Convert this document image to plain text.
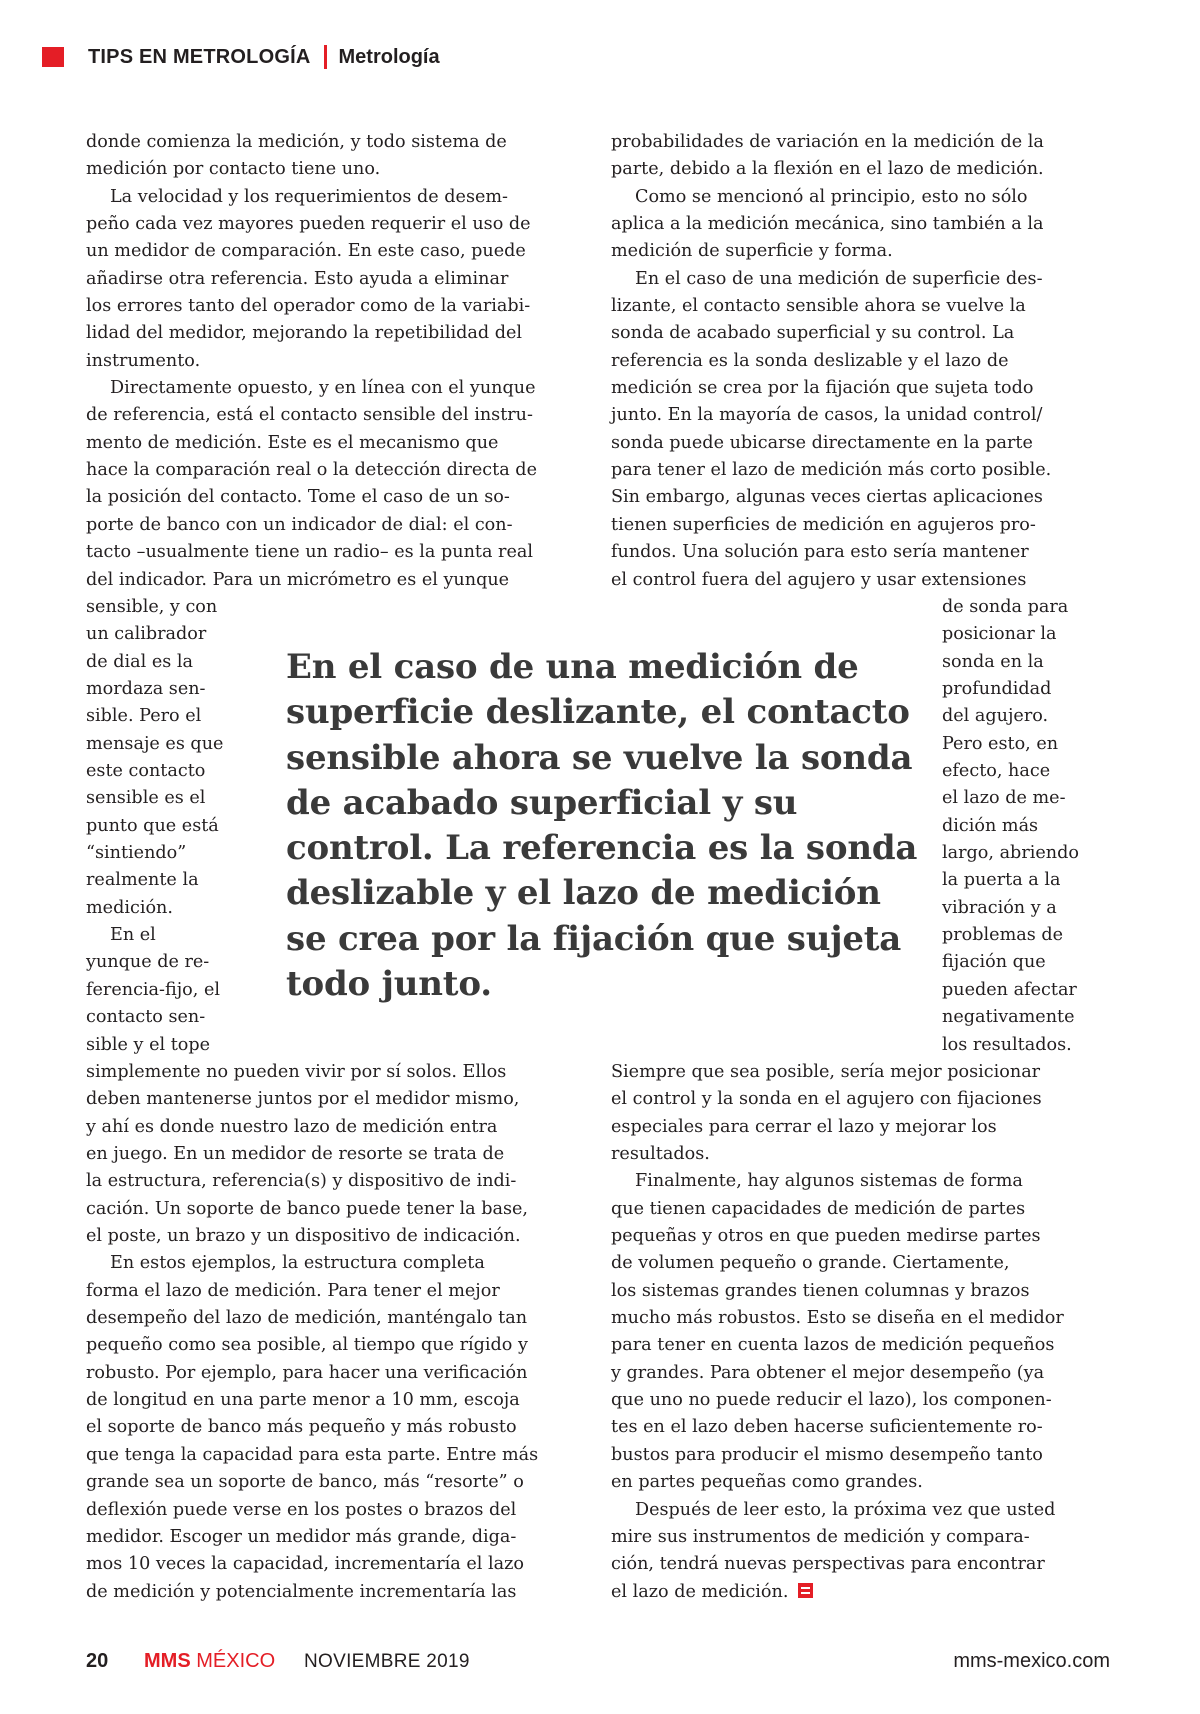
TIPS EN METROLOGÍA Metrología

donde comienza la medición, y todo sistema de

medición por contacto tiene uno.

La velocidad y los requerimientos de desem-

peño cada vez mayores pueden requerir el uso de

un medidor de comparación. En este caso, puede

añadirse otra referencia. Esto ayuda a eliminar

los errores tanto del operador como de la variabi-

lidad del medidor, mejorando la repetibilidad del

instrumento.

Directamente opuesto, y en línea con el yunque

de referencia, está el contacto sensible del instru-

mento de medición. Este es el mecanismo que

hace la comparación real o la detección directa de

la posición del contacto. Tome el caso de un so-

porte de banco con un indicador de dial: el con-

tacto –usualmente tiene un radio– es la punta real

del indicador. Para un micrómetro es el yunque

sensible, y con

un calibrador

de dial es la

mordaza sen-

sible. Pero el

mensaje es que

este contacto

sensible es el

punto que está

“sintiendo”

realmente la

medición.

En el

yunque de re-

ferencia-fijo, el

contacto sen-

sible y el tope

simplemente no pueden vivir por sí solos. Ellos

deben mantenerse juntos por el medidor mismo,

y ahí es donde nuestro lazo de medición entra

en juego. En un medidor de resorte se trata de

la estructura, referencia(s) y dispositivo de indi-

cación. Un soporte de banco puede tener la base,

el poste, un brazo y un dispositivo de indicación.

En estos ejemplos, la estructura completa

forma el lazo de medición. Para tener el mejor

desempeño del lazo de medición, manténgalo tan

pequeño como sea posible, al tiempo que rígido y

robusto. Por ejemplo, para hacer una verificación

de longitud en una parte menor a 10 mm, escoja

el soporte de banco más pequeño y más robusto

que tenga la capacidad para esta parte. Entre más

grande sea un soporte de banco, más “resorte” o

deflexión puede verse en los postes o brazos del

medidor. Escoger un medidor más grande, diga-

mos 10 veces la capacidad, incrementaría el lazo

de medición y potencialmente incrementaría las

probabilidades de variación en la medición de la

parte, debido a la flexión en el lazo de medición.

Como se mencionó al principio, esto no sólo

aplica a la medición mecánica, sino también a la

medición de superficie y forma.

En el caso de una medición de superficie des-

lizante, el contacto sensible ahora se vuelve la

sonda de acabado superficial y su control. La

referencia es la sonda deslizable y el lazo de

medición se crea por la fijación que sujeta todo

junto. En la mayoría de casos, la unidad control/

sonda puede ubicarse directamente en la parte

para tener el lazo de medición más corto posible.

Sin embargo, algunas veces ciertas aplicaciones

tienen superficies de medición en agujeros pro-

fundos. Una solución para esto sería mantener

el control fuera del agujero y usar extensiones

de sonda para

posicionar la

sonda en la

profundidad

del agujero.

Pero esto, en

efecto, hace

el lazo de me-

dición más

largo, abriendo

la puerta a la

vibración y a

problemas de

fijación que

pueden afectar

negativamente

los resultados.

Siempre que sea posible, sería mejor posicionar

el control y la sonda en el agujero con fijaciones

especiales para cerrar el lazo y mejorar los

resultados.

Finalmente, hay algunos sistemas de forma

que tienen capacidades de medición de partes

pequeñas y otros en que pueden medirse partes

de volumen pequeño o grande. Ciertamente,

los sistemas grandes tienen columnas y brazos

mucho más robustos. Esto se diseña en el medidor

para tener en cuenta lazos de medición pequeños

y grandes. Para obtener el mejor desempeño (ya

que uno no puede reducir el lazo), los componen-

tes en el lazo deben hacerse suficientemente ro-

bustos para producir el mismo desempeño tanto

en partes pequeñas como grandes.

Después de leer esto, la próxima vez que usted

mire sus instrumentos de medición y compara-

ción, tendrá nuevas perspectivas para encontrar

el lazo de medición.

En el caso de una medición de

superficie deslizante, el contacto

sensible ahora se vuelve la sonda

de acabado superficial y su

control. La referencia es la sonda

deslizable y el lazo de medición

se crea por la fijación que sujeta

todo junto.

20 MMS MÉXICO NOVIEMBRE 2019	mms-mexico.com
